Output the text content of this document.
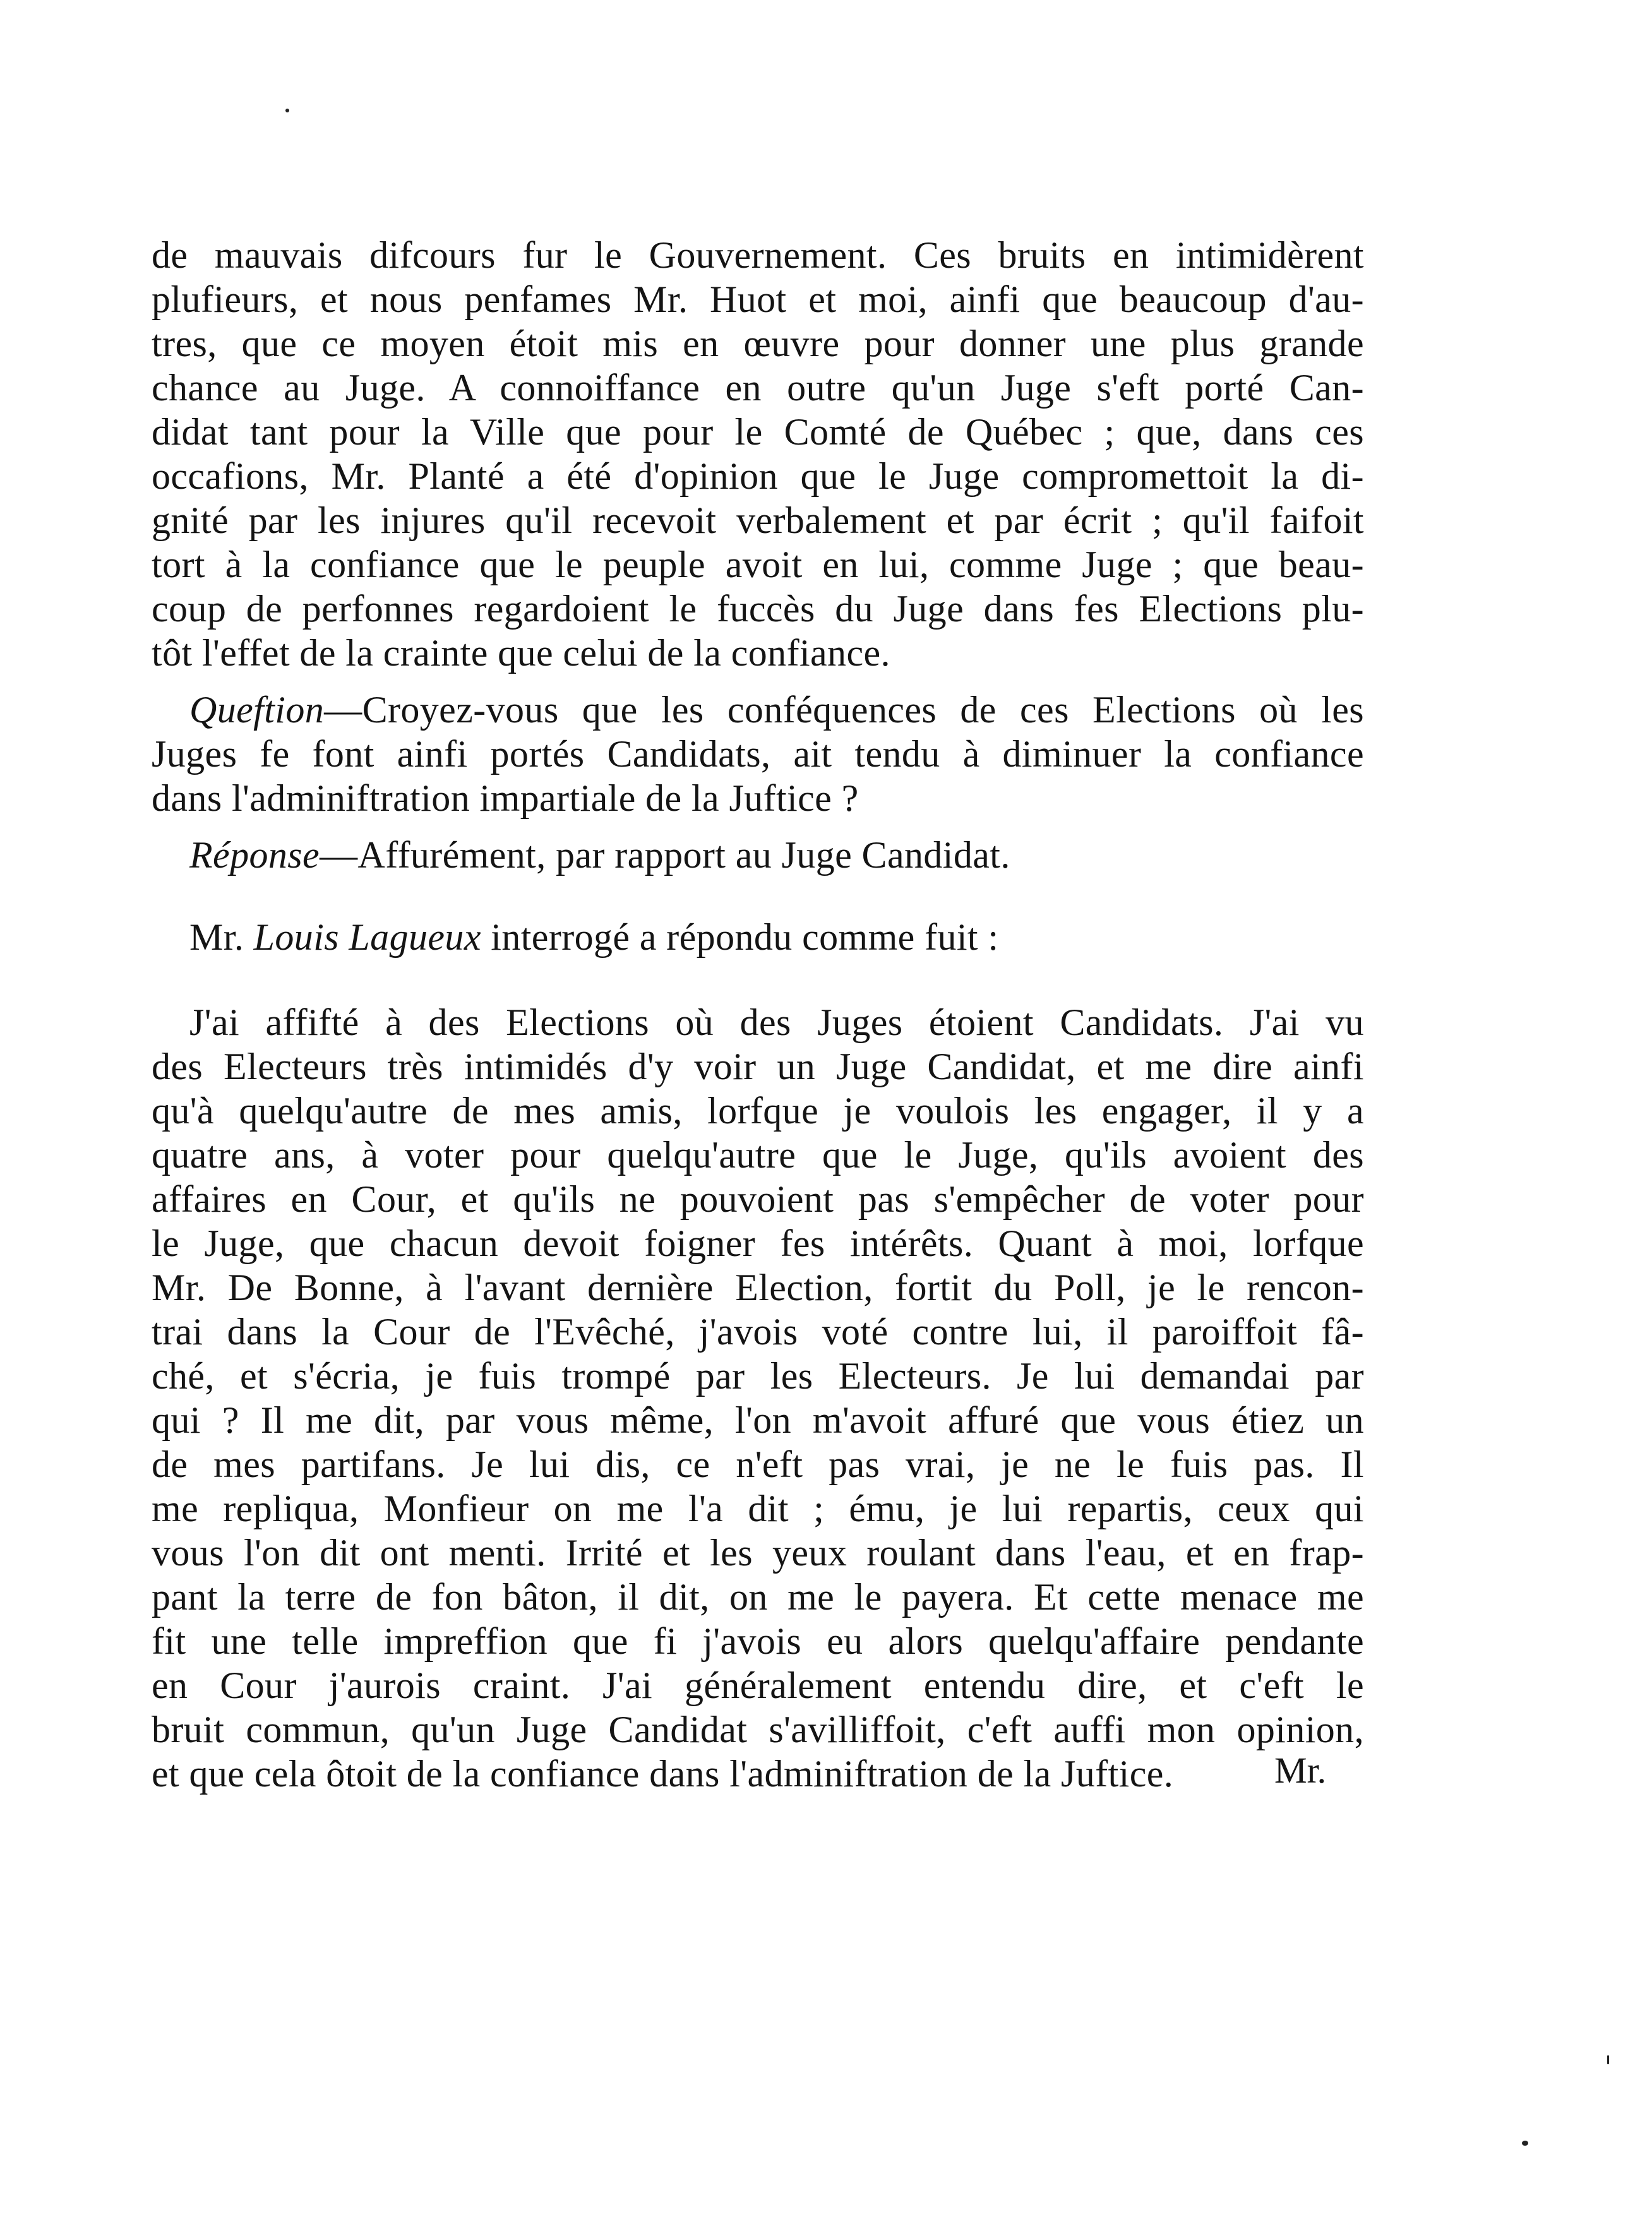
de mauvais difcours fur le Gouvernement. Ces bruits en intimidèrent
plufieurs, et nous penfames Mr. Huot et moi, ainfi que beaucoup d'au-
tres, que ce moyen étoit mis en œuvre pour donner une plus grande
chance au Juge. A connoiffance en outre qu'un Juge s'eft porté Can-
didat tant pour la Ville que pour le Comté de Québec ; que, dans ces
occafions, Mr. Planté a été d'opinion que le Juge compromettoit la di-
gnité par les injures qu'il recevoit verbalement et par écrit ; qu'il faifoit
tort à la confiance que le peuple avoit en lui, comme Juge ; que beau-
coup de perfonnes regardoient le fuccès du Juge dans fes Elections plu-
tôt l'effet de la crainte que celui de la confiance.
Queftion—Croyez-vous que les conféquences de ces Elections où les
Juges fe font ainfi portés Candidats, ait tendu à diminuer la confiance
dans l'adminiftration impartiale de la Juftice ?
Réponse—Affurément, par rapport au Juge Candidat.
Mr. Louis Lagueux interrogé a répondu comme fuit :
J'ai affifté à des Elections où des Juges étoient Candidats. J'ai vu
des Electeurs très intimidés d'y voir un Juge Candidat, et me dire ainfi
qu'à quelqu'autre de mes amis, lorfque je voulois les engager, il y a
quatre ans, à voter pour quelqu'autre que le Juge, qu'ils avoient des
affaires en Cour, et qu'ils ne pouvoient pas s'empêcher de voter pour
le Juge, que chacun devoit foigner fes intérêts. Quant à moi, lorfque
Mr. De Bonne, à l'avant dernière Election, fortit du Poll, je le rencon-
trai dans la Cour de l'Evêché, j'avois voté contre lui, il paroiffoit fâ-
ché, et s'écria, je fuis trompé par les Electeurs. Je lui demandai par
qui ? Il me dit, par vous même, l'on m'avoit affuré que vous étiez un
de mes partifans. Je lui dis, ce n'eft pas vrai, je ne le fuis pas. Il
me repliqua, Monfieur on me l'a dit ; ému, je lui repartis, ceux qui
vous l'on dit ont menti. Irrité et les yeux roulant dans l'eau, et en frap-
pant la terre de fon bâton, il dit, on me le payera. Et cette menace me
fit une telle impreffion que fi j'avois eu alors quelqu'affaire pendante
en Cour j'aurois craint. J'ai généralement entendu dire, et c'eft le
bruit commun, qu'un Juge Candidat s'avilliffoit, c'eft auffi mon opinion,
et que cela ôtoit de la confiance dans l'adminiftration de la Juftice.	Mr.
